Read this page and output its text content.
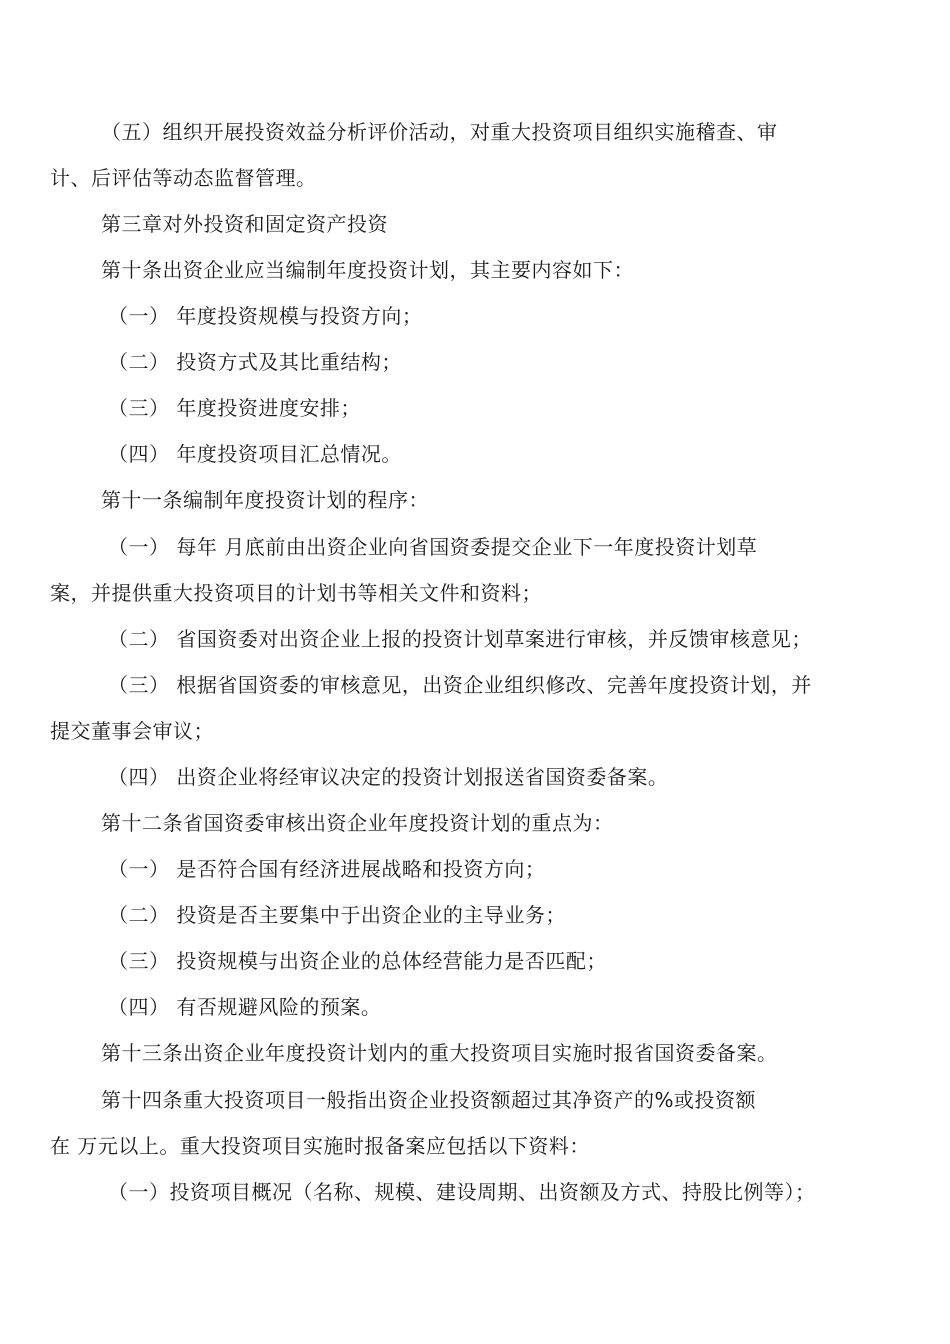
（五）组织开展投资效益分析评价活动，对重大投资项目组织实施稽查、审
计、后评估等动态监督管理。
第三章对外投资和固定资产投资
第十条出资企业应当编制年度投资计划，其主要内容如下：
（一） 年度投资规模与投资方向；
（二） 投资方式及其比重结构；
（三） 年度投资进度安排；
（四） 年度投资项目汇总情况。
第十一条编制年度投资计划的程序：
（一） 每年 月底前由出资企业向省国资委提交企业下一年度投资计划草
案，并提供重大投资项目的计划书等相关文件和资料；
（二） 省国资委对出资企业上报的投资计划草案进行审核，并反馈审核意见；
（三） 根据省国资委的审核意见，出资企业组织修改、完善年度投资计划，并
提交董事会审议；
（四） 出资企业将经审议决定的投资计划报送省国资委备案。
第十二条省国资委审核出资企业年度投资计划的重点为：
（一） 是否符合国有经济进展战略和投资方向；
（二） 投资是否主要集中于出资企业的主导业务；
（三） 投资规模与出资企业的总体经营能力是否匹配；
（四） 有否规避风险的预案。
第十三条出资企业年度投资计划内的重大投资项目实施时报省国资委备案。
第十四条重大投资项目一般指出资企业投资额超过其净资产的%或投资额
在 万元以上。重大投资项目实施时报备案应包括以下资料：
（一）投资项目概况（名称、规模、建设周期、出资额及方式、持股比例等）；
